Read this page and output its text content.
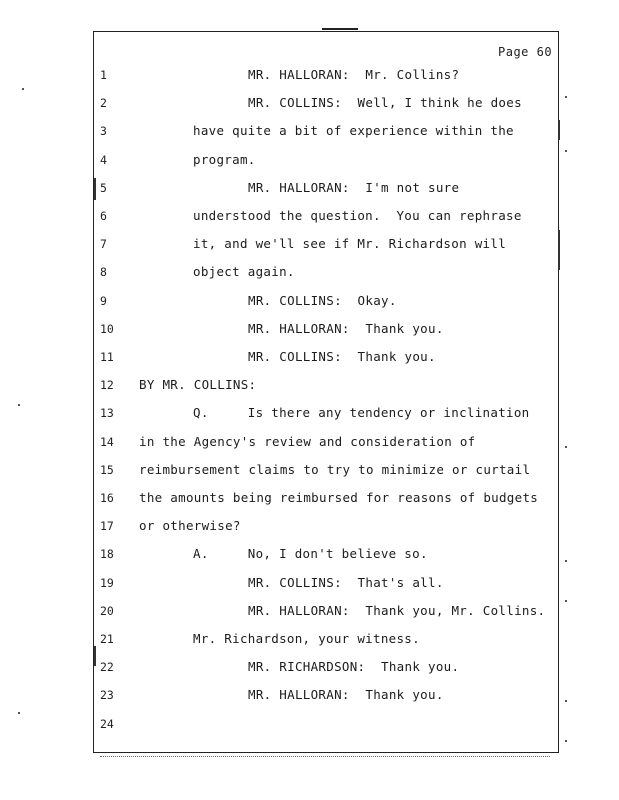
Page 60
1	MR. HALLORAN:  Mr. Collins?
2	MR. COLLINS:  Well, I think he does
3	have quite a bit of experience within the
4	program.
5	MR. HALLORAN:  I'm not sure
6	understood the question.  You can rephrase
7	it, and we'll see if Mr. Richardson will
8	object again.
9	MR. COLLINS:  Okay.
10	MR. HALLORAN:  Thank you.
11	MR. COLLINS:  Thank you.
12	BY MR. COLLINS:
13	Q.     Is there any tendency or inclination
14	in the Agency's review and consideration of
15	reimbursement claims to try to minimize or curtail
16	the amounts being reimbursed for reasons of budgets
17	or otherwise?
18	A.     No, I don't believe so.
19	MR. COLLINS:  That's all.
20	MR. HALLORAN:  Thank you, Mr. Collins.
21	Mr. Richardson, your witness.
22	MR. RICHARDSON:  Thank you.
23	MR. HALLORAN:  Thank you.
24
